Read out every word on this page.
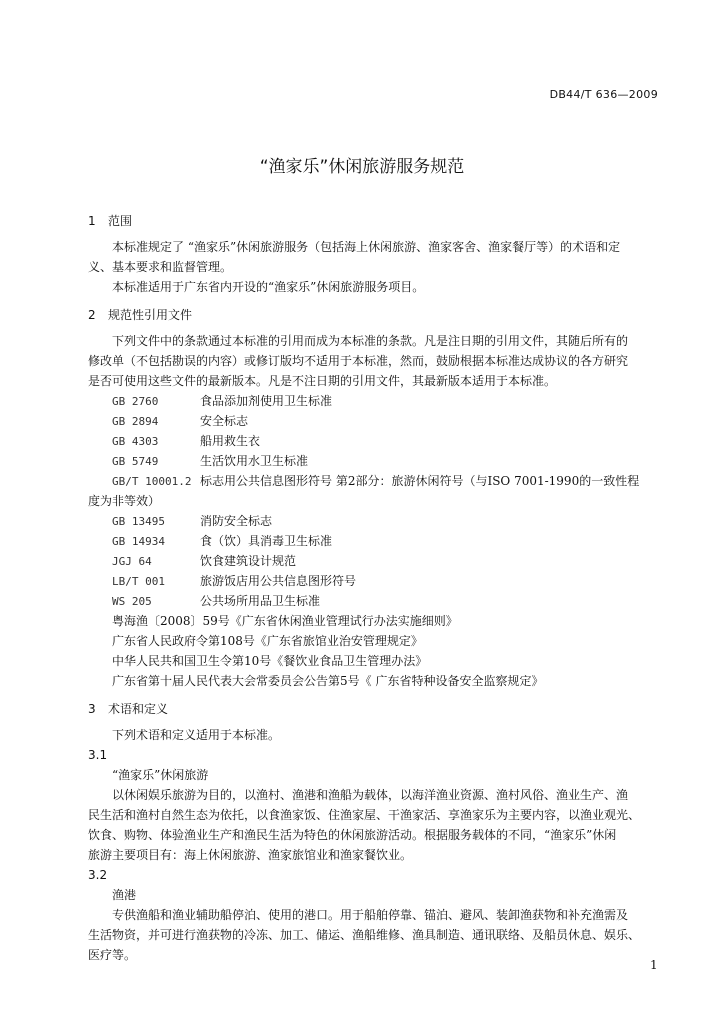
DB44/T 636—2009
“渔家乐”休闲旅游服务规范
1 范围
本标准规定了 “渔家乐”休闲旅游服务（包括海上休闲旅游、渔家客舍、渔家餐厅等）的术语和定
义、基本要求和监督管理。
本标准适用于广东省内开设的“渔家乐”休闲旅游服务项目。
2 规范性引用文件
下列文件中的条款通过本标准的引用而成为本标准的条款。凡是注日期的引用文件，其随后所有的
修改单（不包括勘误的内容）或修订版均不适用于本标准，然而，鼓励根据本标准达成协议的各方研究
是否可使用这些文件的最新版本。凡是不注日期的引用文件，其最新版本适用于本标准。
GB 2760	食品添加剂使用卫生标准
GB 2894	安全标志
GB 4303	船用救生衣
GB 5749	生活饮用水卫生标准
GB/T 10001.2 标志用公共信息图形符号 第2部分：旅游休闲符号（与ISO 7001-1990的一致性程
度为非等效）
GB 13495	消防安全标志
GB 14934	食（饮）具消毒卫生标准
JGJ 64	饮食建筑设计规范
LB/T 001	旅游饭店用公共信息图形符号
WS 205	公共场所用品卫生标准
粤海渔〔2008〕59号《广东省休闲渔业管理试行办法实施细则》
广东省人民政府令第108号《广东省旅馆业治安管理规定》
中华人民共和国卫生令第10号《餐饮业食品卫生管理办法》
广东省第十届人民代表大会常委员会公告第5号《 广东省特种设备安全监察规定》
3 术语和定义
下列术语和定义适用于本标准。
3.1
“渔家乐”休闲旅游
以休闲娱乐旅游为目的，以渔村、渔港和渔船为载体，以海洋渔业资源、渔村风俗、渔业生产、渔
民生活和渔村自然生态为依托，以食渔家饭、住渔家屋、干渔家活、享渔家乐为主要内容，以渔业观光、
饮食、购物、体验渔业生产和渔民生活为特色的休闲旅游活动。根据服务载体的不同，“渔家乐”休闲
旅游主要项目有：海上休闲旅游、渔家旅馆业和渔家餐饮业。
3.2
渔港
专供渔船和渔业辅助船停泊、使用的港口。用于船舶停靠、锚泊、避风、装卸渔获物和补充渔需及
生活物资，并可进行渔获物的冷冻、加工、储运、渔船维修、渔具制造、通讯联络、及船员休息、娱乐、
医疗等。
1
